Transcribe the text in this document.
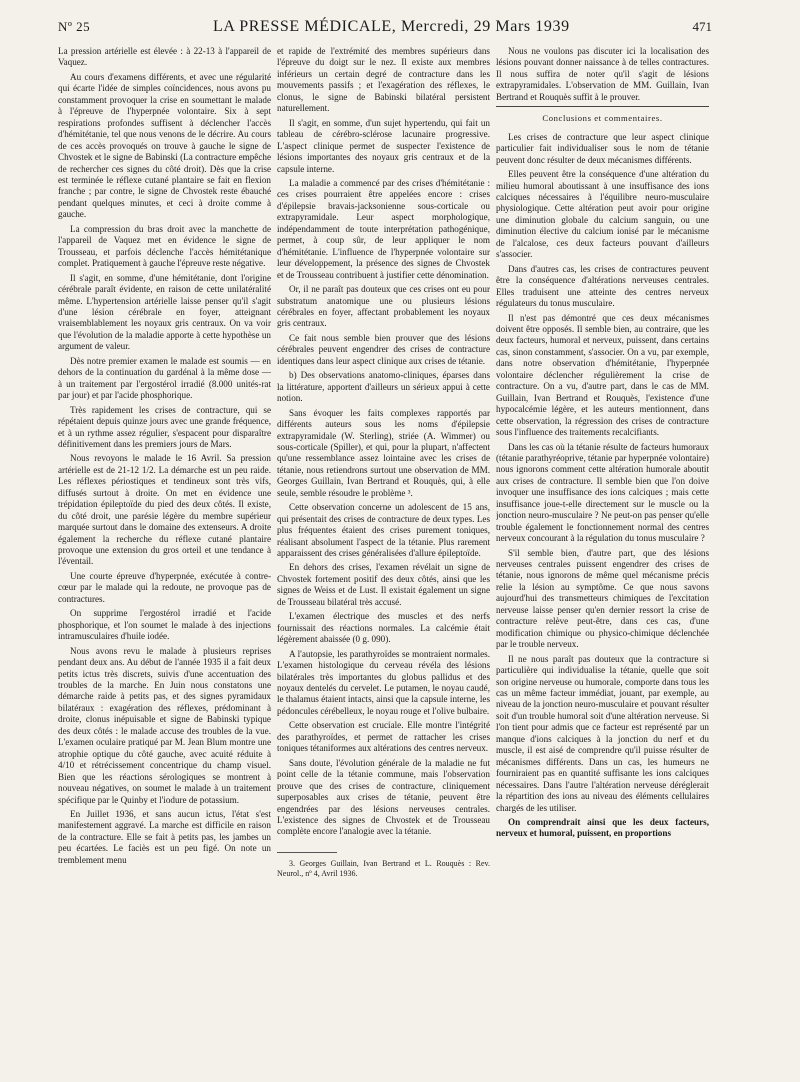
Nº 25	LA PRESSE MÉDICALE, Mercredi, 29 Mars 1939	471

La pression artérielle est élevée : à 22-13 à l'appareil de Vaquez.

Au cours d'examens différents, et avec une régularité qui écarte l'idée de simples coïncidences, nous avons pu constamment provoquer la crise en soumettant le malade à l'épreuve de l'hyperpnée volontaire. Six à sept respirations profondes suffisent à déclencher l'accès d'hémitétanie, tel que nous venons de le décrire. Au cours de ces accès provoqués on trouve à gauche le signe de Chvostek et le signe de Babinski (La contracture empêche de rechercher ces signes du côté droit). Dès que la crise est terminée le réflexe cutané plantaire se fait en flexion franche ; par contre, le signe de Chvostek reste ébauché pendant quelques minutes, et ceci à droite comme à gauche.

La compression du bras droit avec la manchette de l'appareil de Vaquez met en évidence le signe de Trousseau, et parfois déclenche l'accès hémitétanique complet. Pratiquement à gauche l'épreuve reste négative.

Il s'agit, en somme, d'une hémitétanie, dont l'origine cérébrale paraît évidente, en raison de cette unilatéralité même. L'hypertension artérielle laisse penser qu'il s'agit d'une lésion cérébrale en foyer, atteignant vraisemblablement les noyaux gris centraux. On va voir que l'évolution de la maladie apporte à cette hypothèse un argument de valeur.

Dès notre premier examen le malade est soumis — en dehors de la continuation du gardénal à la même dose — à un traitement par l'ergostérol irradié (8.000 unités-rat par jour) et par l'acide phosphorique.

Très rapidement les crises de contracture, qui se répétaient depuis quinze jours avec une grande fréquence, et à un rythme assez régulier, s'espacent pour disparaître définitivement dans les premiers jours de Mars.

Nous revoyons le malade le 16 Avril. Sa pression artérielle est de 21-12 1/2. La démarche est un peu raide. Les réflexes périostiques et tendineux sont très vifs, diffusés surtout à droite. On met en évidence une trépidation épileptoïde du pied des deux côtés. Il existe, du côté droit, une parésie légère du membre supérieur marquée surtout dans le domaine des extenseurs. A droite également la recherche du réflexe cutané plantaire provoque une extension du gros orteil et une tendance à l'éventail.

Une courte épreuve d'hyperpnée, exécutée à contre-cœur par le malade qui la redoute, ne provoque pas de contractures.

On supprime l'ergostérol irradié et l'acide phosphorique, et l'on soumet le malade à des injections intramusculaires d'huile iodée.

Nous avons revu le malade à plusieurs reprises pendant deux ans. Au début de l'année 1935 il a fait deux petits ictus très discrets, suivis d'une accentuation des troubles de la marche. En Juin nous constatons une démarche raide à petits pas, et des signes pyramidaux bilatéraux : exagération des réflexes, prédominant à droite, clonus inépuisable et signe de Babinski typique des deux côtés : le malade accuse des troubles de la vue. L'examen oculaire pratiqué par M. Jean Blum montre une atrophie optique du côté gauche, avec acuité réduite à 4/10 et rétrécissement concentrique du champ visuel. Bien que les réactions sérologiques se montrent à nouveau négatives, on soumet le malade à un traitement spécifique par le Quinby et l'iodure de potassium.

En Juillet 1936, et sans aucun ictus, l'état s'est manifestement aggravé. La marche est difficile en raison de la contracture. Elle se fait à petits pas, les jambes un peu écartées. Le faciès est un peu figé. On note un tremblement menu

et rapide de l'extrémité des membres supérieurs dans l'épreuve du doigt sur le nez. Il existe aux membres inférieurs un certain degré de contracture dans les mouvements passifs ; et l'exagération des réflexes, le clonus, le signe de Babinski bilatéral persistent naturellement.

Il s'agit, en somme, d'un sujet hypertendu, qui fait un tableau de cérébro-sclérose lacunaire progressive. L'aspect clinique permet de suspecter l'existence de lésions importantes des noyaux gris centraux et de la capsule interne.

La maladie a commencé par des crises d'hémitétanie : ces crises pourraient être appelées encore : crises d'épilepsie bravais-jacksonienne sous-corticale ou extrapyramidale. Leur aspect morphologique, indépendamment de toute interprétation pathogénique, permet, à coup sûr, de leur appliquer le nom d'hémitétanie. L'influence de l'hyperpnée volontaire sur leur développement, la présence des signes de Chvostek et de Trousseau contribuent à justifier cette dénomination.

Or, il ne paraît pas douteux que ces crises ont eu pour substratum anatomique une ou plusieurs lésions cérébrales en foyer, affectant probablement les noyaux gris centraux.

Ce fait nous semble bien prouver que des lésions cérébrales peuvent engendrer des crises de contracture identiques dans leur aspect clinique aux crises de tétanie.

b) Des observations anatomo-cliniques, éparses dans la littérature, apportent d'ailleurs un sérieux appui à cette notion.

Sans évoquer les faits complexes rapportés par différents auteurs sous les noms d'épilepsie extrapyramidale (W. Sterling), striée (A. Wimmer) ou sous-corticale (Spiller), et qui, pour la plupart, n'affectent qu'une ressemblance assez lointaine avec les crises de tétanie, nous retiendrons surtout une observation de MM. Georges Guillain, Ivan Bertrand et Rouquès, qui, à elle seule, semble résoudre le problème ³.

Cette observation concerne un adolescent de 15 ans, qui présentait des crises de contracture de deux types. Les plus fréquentes étaient des crises purement toniques, réalisant absolument l'aspect de la tétanie. Plus rarement apparaissent des crises généralisées d'allure épileptoïde.

En dehors des crises, l'examen révélait un signe de Chvostek fortement positif des deux côtés, ainsi que les signes de Weiss et de Lust. Il existait également un signe de Trousseau bilatéral très accusé.

L'examen électrique des muscles et des nerfs fournissait des réactions normales. La calcémie était légèrement abaissée (0 g. 090).

A l'autopsie, les parathyroïdes se montraient normales. L'examen histologique du cerveau révéla des lésions bilatérales très importantes du globus pallidus et des noyaux dentelés du cervelet. Le putamen, le noyau caudé, le thalamus étaient intacts, ainsi que la capsule interne, les pédoncules cérébelleux, le noyau rouge et l'olive bulbaire.

Cette observation est cruciale. Elle montre l'intégrité des parathyroïdes, et permet de rattacher les crises toniques tétaniformes aux altérations des centres nerveux.

Sans doute, l'évolution générale de la maladie ne fut point celle de la tétanie commune, mais l'observation prouve que des crises de contracture, cliniquement superposables aux crises de tétanie, peuvent être engendrées par des lésions nerveuses centrales. L'existence des signes de Chvostek et de Trousseau complète encore l'analogie avec la tétanie.

3. Georges Guillain, Ivan Bertrand et L. Rouquès : Rev. Neurol., nº 4, Avril 1936.

Nous ne voulons pas discuter ici la localisation des lésions pouvant donner naissance à de telles contractures. Il nous suffira de noter qu'il s'agit de lésions extrapyramidales. L'observation de MM. Guillain, Ivan Bertrand et Rouquès suffit à le prouver.

Conclusions et commentaires.

Les crises de contracture que leur aspect clinique particulier fait individualiser sous le nom de tétanie peuvent donc résulter de deux mécanismes différents.

Elles peuvent être la conséquence d'une altération du milieu humoral aboutissant à une insuffisance des ions calciques nécessaires à l'équilibre neuro-musculaire physiologique. Cette altération peut avoir pour origine une diminution globale du calcium sanguin, ou une diminution élective du calcium ionisé par le mécanisme de l'alcalose, ces deux facteurs pouvant d'ailleurs s'associer.

Dans d'autres cas, les crises de contractures peuvent être la conséquence d'altérations nerveuses centrales. Elles traduisent une atteinte des centres nerveux régulateurs du tonus musculaire.

Il n'est pas démontré que ces deux mécanismes doivent être opposés. Il semble bien, au contraire, que les deux facteurs, humoral et nerveux, puissent, dans certains cas, sinon constamment, s'associer. On a vu, par exemple, dans notre observation d'hémitétanie, l'hyperpnée volontaire déclencher régulièrement la crise de contracture. On a vu, d'autre part, dans le cas de MM. Guillain, Ivan Bertrand et Rouquès, l'existence d'une hypocalcémie légère, et les auteurs mentionnent, dans cette observation, la régression des crises de contracture sous l'influence des traitements recalcifiants.

Dans les cas où la tétanie résulte de facteurs humoraux (tétanie parathyréoprive, tétanie par hyperpnée volontaire) nous ignorons comment cette altération humorale aboutit aux crises de contracture. Il semble bien que l'on doive invoquer une insuffisance des ions calciques ; mais cette insuffisance joue-t-elle directement sur le muscle ou la jonction neuro-musculaire ? Ne peut-on pas penser qu'elle trouble également le fonctionnement normal des centres nerveux concourant à la régulation du tonus musculaire ?

S'il semble bien, d'autre part, que des lésions nerveuses centrales puissent engendrer des crises de tétanie, nous ignorons de même quel mécanisme précis relie la lésion au symptôme. Ce que nous savons aujourd'hui des transmetteurs chimiques de l'excitation nerveuse laisse penser qu'en dernier ressort la crise de contracture relève peut-être, dans ces cas, d'une modification chimique ou physico-chimique déclenchée par le trouble nerveux.

Il ne nous paraît pas douteux que la contracture si particulière qui individualise la tétanie, quelle que soit son origine nerveuse ou humorale, comporte dans tous les cas un même facteur immédiat, jouant, par exemple, au niveau de la jonction neuro-musculaire et pouvant résulter soit d'un trouble humoral soit d'une altération nerveuse. Si l'on tient pour admis que ce facteur est représenté par un manque d'ions calciques à la jonction du nerf et du muscle, il est aisé de comprendre qu'il puisse résulter de mécanismes différents. Dans un cas, les humeurs ne fourniraient pas en quantité suffisante les ions calciques nécessaires. Dans l'autre l'altération nerveuse déréglerait la répartition des ions au niveau des éléments cellulaires chargés de les utiliser.

On comprendrait ainsi que les deux facteurs, nerveux et humoral, puissent, en proportions
